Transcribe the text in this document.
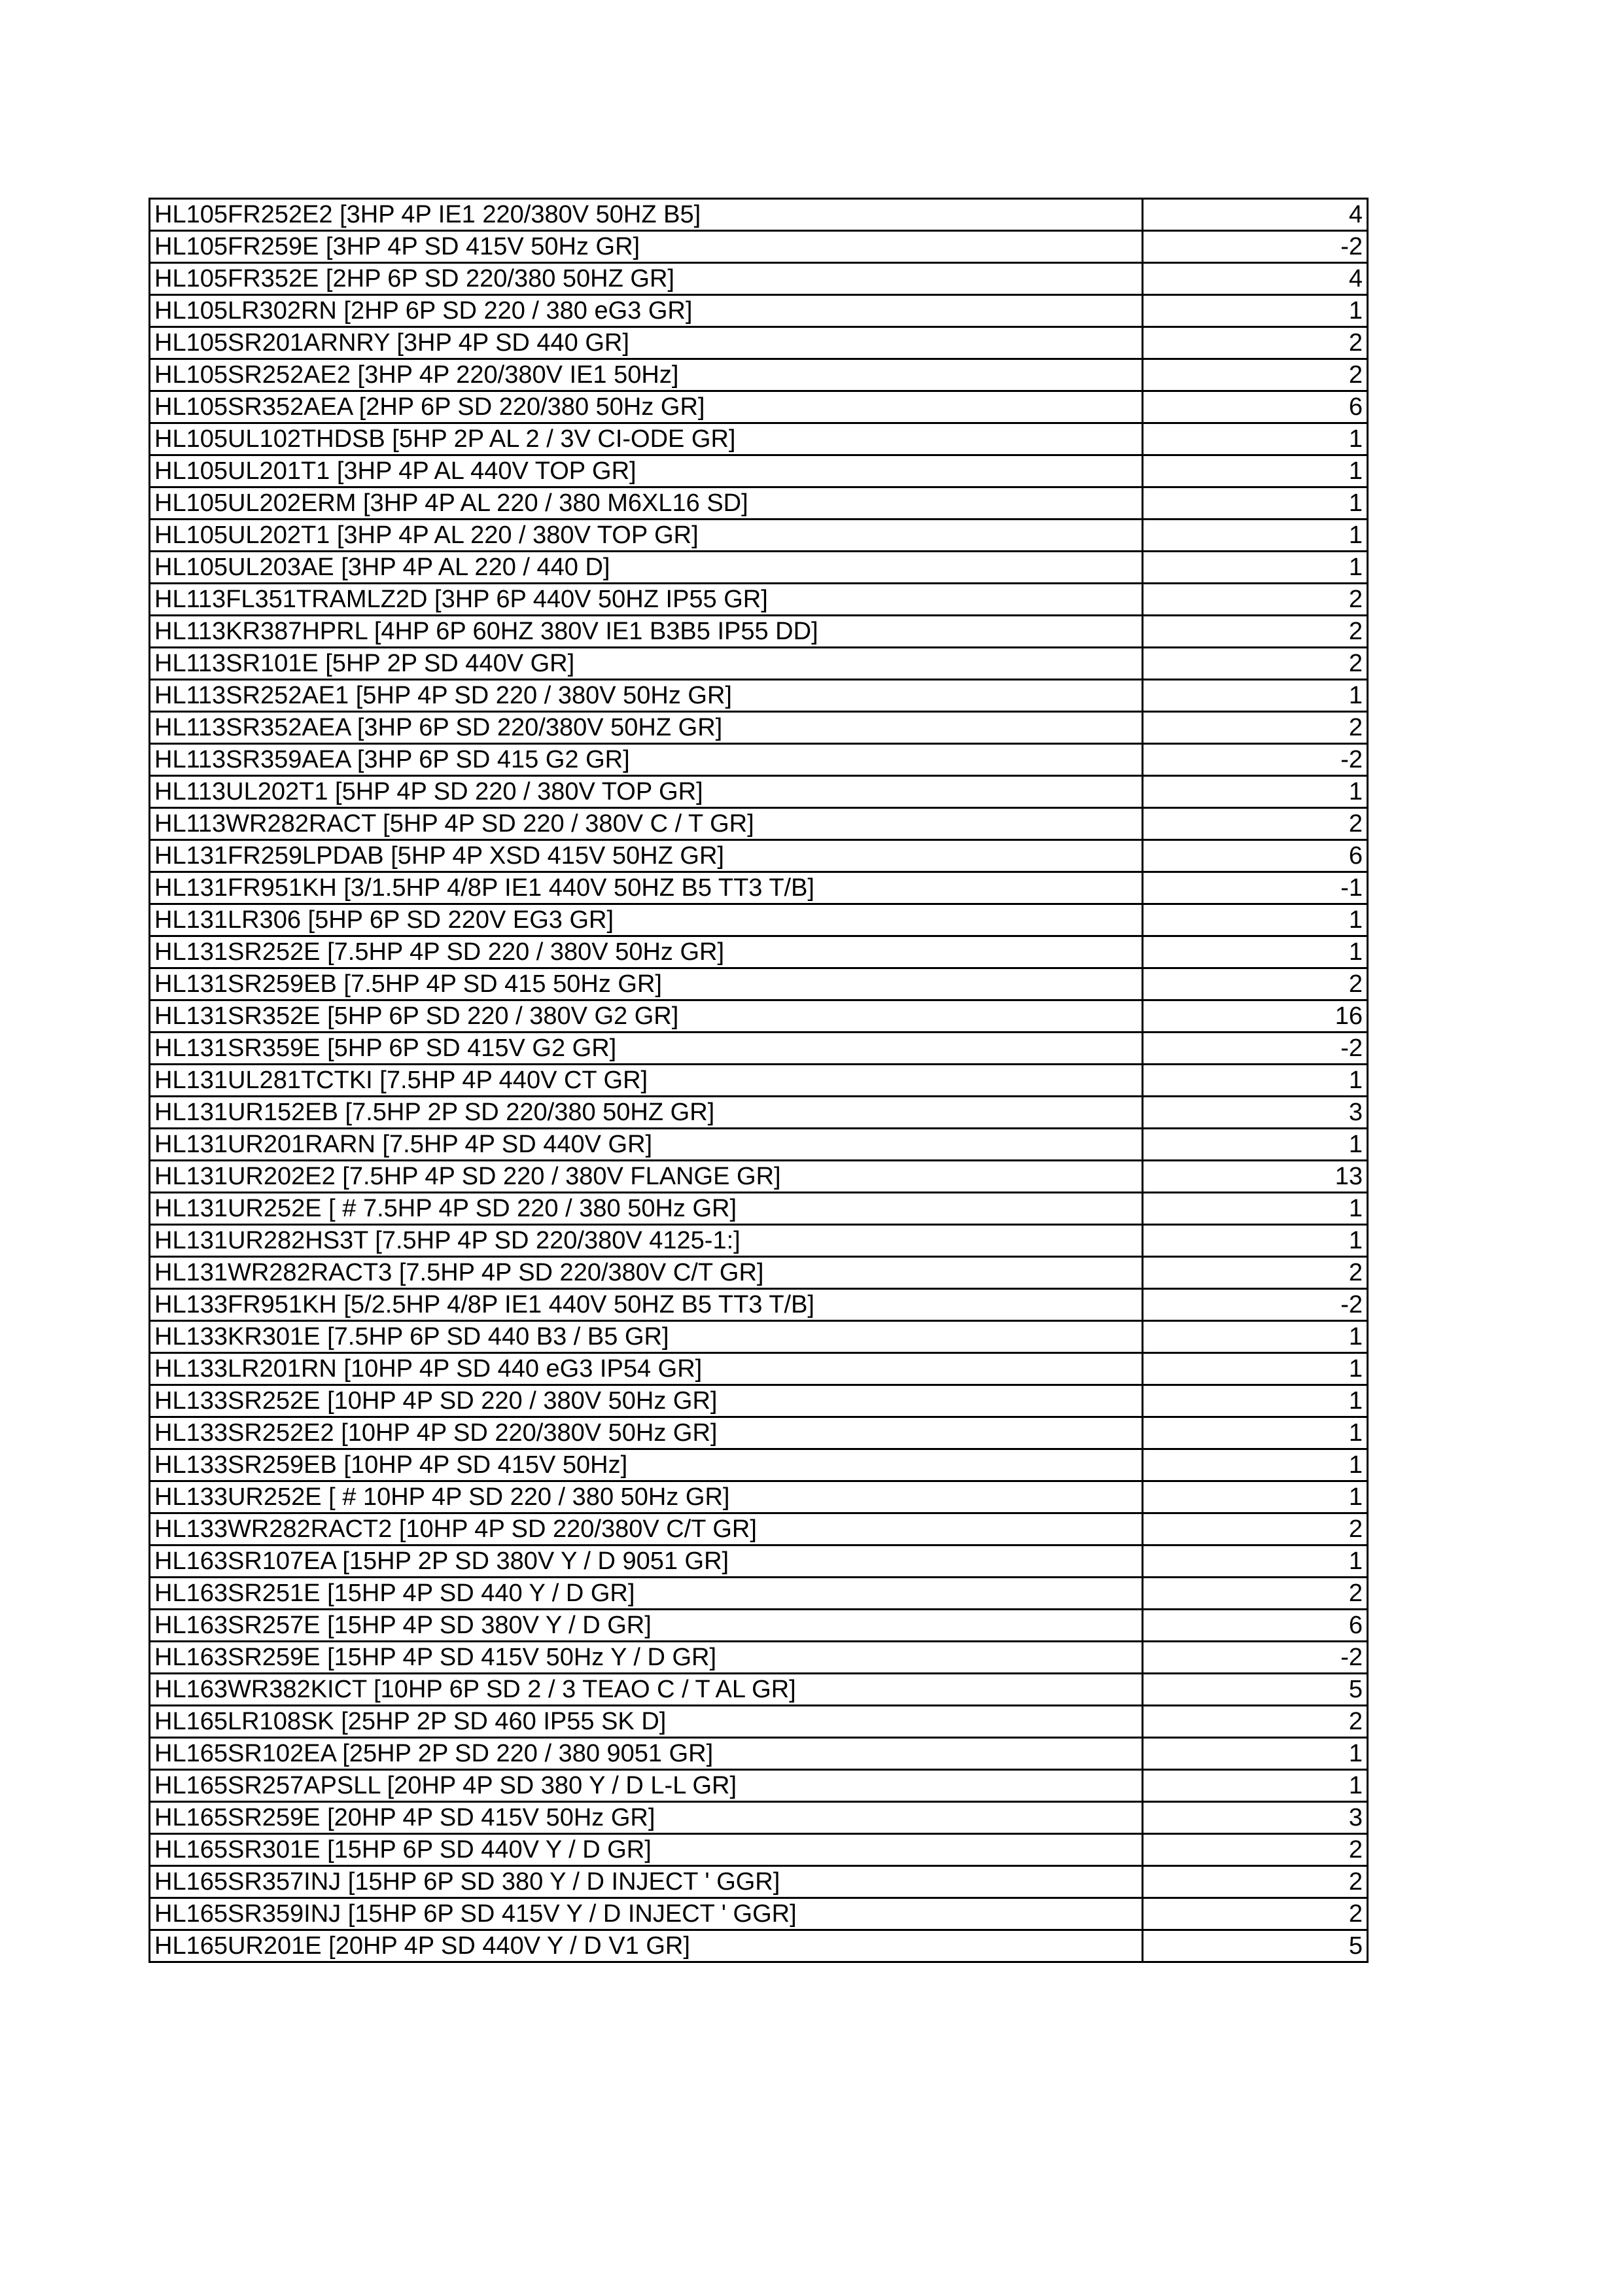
HL105FR252E2 [3HP 4P IE1 220/380V 50HZ B5]	4
HL105FR259E [3HP 4P SD 415V 50Hz GR]	-2
HL105FR352E [2HP 6P SD 220/380 50HZ GR]	4
HL105LR302RN [2HP 6P SD 220 / 380 eG3 GR]	1
HL105SR201ARNRY [3HP 4P SD 440 GR]	2
HL105SR252AE2 [3HP 4P 220/380V IE1 50Hz]	2
HL105SR352AEA [2HP 6P SD 220/380 50Hz GR]	6
HL105UL102THDSB [5HP 2P AL 2 / 3V CI-ODE GR]	1
HL105UL201T1 [3HP 4P AL 440V TOP GR]	1
HL105UL202ERM [3HP 4P AL 220 / 380 M6XL16 SD]	1
HL105UL202T1 [3HP 4P AL 220 / 380V TOP GR]	1
HL105UL203AE [3HP 4P AL 220 / 440 D]	1
HL113FL351TRAMLZ2D [3HP 6P 440V 50HZ IP55 GR]	2
HL113KR387HPRL [4HP 6P 60HZ 380V IE1 B3B5 IP55 DD]	2
HL113SR101E [5HP 2P SD 440V GR]	2
HL113SR252AE1 [5HP 4P SD 220 / 380V 50Hz GR]	1
HL113SR352AEA [3HP 6P SD 220/380V 50HZ GR]	2
HL113SR359AEA [3HP 6P SD 415 G2 GR]	-2
HL113UL202T1 [5HP 4P SD 220 / 380V TOP GR]	1
HL113WR282RACT [5HP 4P SD 220 / 380V C / T GR]	2
HL131FR259LPDAB [5HP 4P XSD 415V 50HZ GR]	6
HL131FR951KH [3/1.5HP 4/8P IE1 440V 50HZ B5 TT3 T/B]	-1
HL131LR306 [5HP 6P SD 220V EG3 GR]	1
HL131SR252E [7.5HP 4P SD 220 / 380V 50Hz GR]	1
HL131SR259EB [7.5HP 4P SD 415 50Hz GR]	2
HL131SR352E [5HP 6P SD 220 / 380V G2 GR]	16
HL131SR359E [5HP 6P SD 415V G2 GR]	-2
HL131UL281TCTKI [7.5HP 4P 440V CT GR]	1
HL131UR152EB [7.5HP 2P SD 220/380 50HZ GR]	3
HL131UR201RARN [7.5HP 4P SD 440V GR]	1
HL131UR202E2 [7.5HP 4P SD 220 / 380V FLANGE GR]	13
HL131UR252E [ # 7.5HP 4P SD 220 / 380 50Hz GR]	1
HL131UR282HS3T [7.5HP 4P SD 220/380V 4125-1:]	1
HL131WR282RACT3 [7.5HP 4P SD 220/380V C/T GR]	2
HL133FR951KH [5/2.5HP 4/8P IE1 440V 50HZ B5 TT3 T/B]	-2
HL133KR301E [7.5HP 6P SD 440 B3 / B5 GR]	1
HL133LR201RN [10HP 4P SD 440 eG3 IP54 GR]	1
HL133SR252E [10HP 4P SD 220 / 380V 50Hz GR]	1
HL133SR252E2 [10HP 4P SD 220/380V 50Hz GR]	1
HL133SR259EB [10HP 4P SD 415V 50Hz]	1
HL133UR252E [ # 10HP 4P SD 220 / 380 50Hz GR]	1
HL133WR282RACT2 [10HP 4P SD 220/380V C/T GR]	2
HL163SR107EA [15HP 2P SD 380V Y / D 9051 GR]	1
HL163SR251E [15HP 4P SD 440 Y / D GR]	2
HL163SR257E [15HP 4P SD 380V Y / D GR]	6
HL163SR259E [15HP 4P SD 415V 50Hz Y / D GR]	-2
HL163WR382KICT [10HP 6P SD 2 / 3 TEAO C / T AL GR]	5
HL165LR108SK [25HP 2P SD 460 IP55 SK D]	2
HL165SR102EA [25HP 2P SD 220 / 380 9051 GR]	1
HL165SR257APSLL [20HP 4P SD 380 Y / D L-L GR]	1
HL165SR259E [20HP 4P SD 415V 50Hz GR]	3
HL165SR301E [15HP 6P SD 440V Y / D GR]	2
HL165SR357INJ [15HP 6P SD 380 Y / D INJECT ' GGR]	2
HL165SR359INJ [15HP 6P SD 415V Y / D INJECT ' GGR]	2
HL165UR201E [20HP 4P SD 440V Y / D V1 GR]	5
